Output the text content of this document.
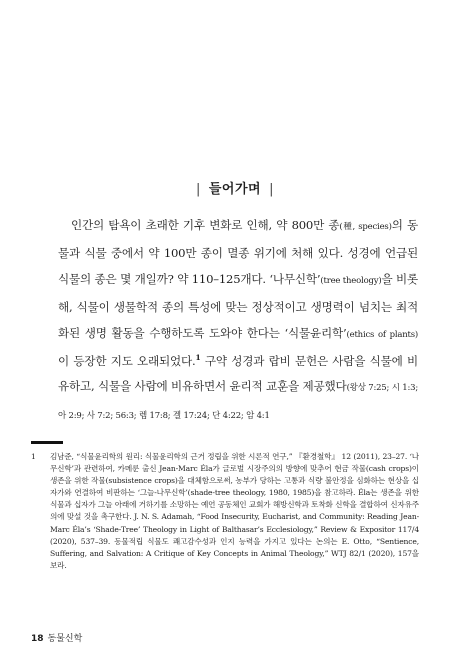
| 들어가며 |

인간의 탐욕이 초래한 기후 변화로 인해, 약 800만 종(種, species)의 동물과 식물 중에서 약 100만 종이 멸종 위기에 처해 있다. 성경에 언급된 식물의 종은 몇 개일까? 약 110–125개다. ‘나무신학’(tree theology)을 비롯해, 식물이 생물학적 종의 특성에 맞는 정상적이고 생명력이 넘치는 최적화된 생명 활동을 수행하도록 도와야 한다는 ‘식물윤리학’(ethics of plants)이 등장한 지도 오래되었다.$^1$ 구약 성경과 랍비 문헌은 사람을 식물에 비유하고, 식물을 사람에 비유하면서 윤리적 교훈을 제공했다(왕상 7:25; 시 1:3; 아 2:9; 사 7:2; 56:3; 렘 17:8; 겔 17:24; 단 4:22; 암 4:1

1 김남준, “식물윤리학의 원리: 식물윤리학의 근거 정립을 위한 시론적 연구,” 『환경철학』 12 (2011), 23–27. ‘나무신학’과 관련하여, 카메룬 출신 Jean-Marc Éla가 글로벌 시장주의의 방향에 맞추어 현금 작물(cash crops)이 생존을 위한 작물(subsistence crops)을 대체함으로써, 농부가 당하는 고통과 식량 불안정을 심화하는 현상을 십자가와 연결하여 비판하는 ‘그늘-나무신학’(shade-tree theology, 1980, 1985)을 참고하라. Éla는 생존을 위한 식물과 십자가 그늘 아래에 거하기를 소망하는 예언 공동체인 교회가 해방신학과 토착화 신학을 결합하여 신자유주의에 맞설 것을 촉구한다. J. N. S. Adamah, “Food Insecurity, Eucharist, and Community: Reading Jean-Marc Éla’s ‘Shade-Tree’ Theology in Light of Balthasar’s Ecclesiology,” Review & Expositor 117/4 (2020), 537–39. 동물적립 식물도 쾌고감수성과 인지 능력을 가지고 있다는 논의는 E. Otto, “Sentience, Suffering, and Salvation: A Critique of Key Concepts in Animal Theology,” WTJ 82/1 (2020), 157을 보라.
18 동물신학
